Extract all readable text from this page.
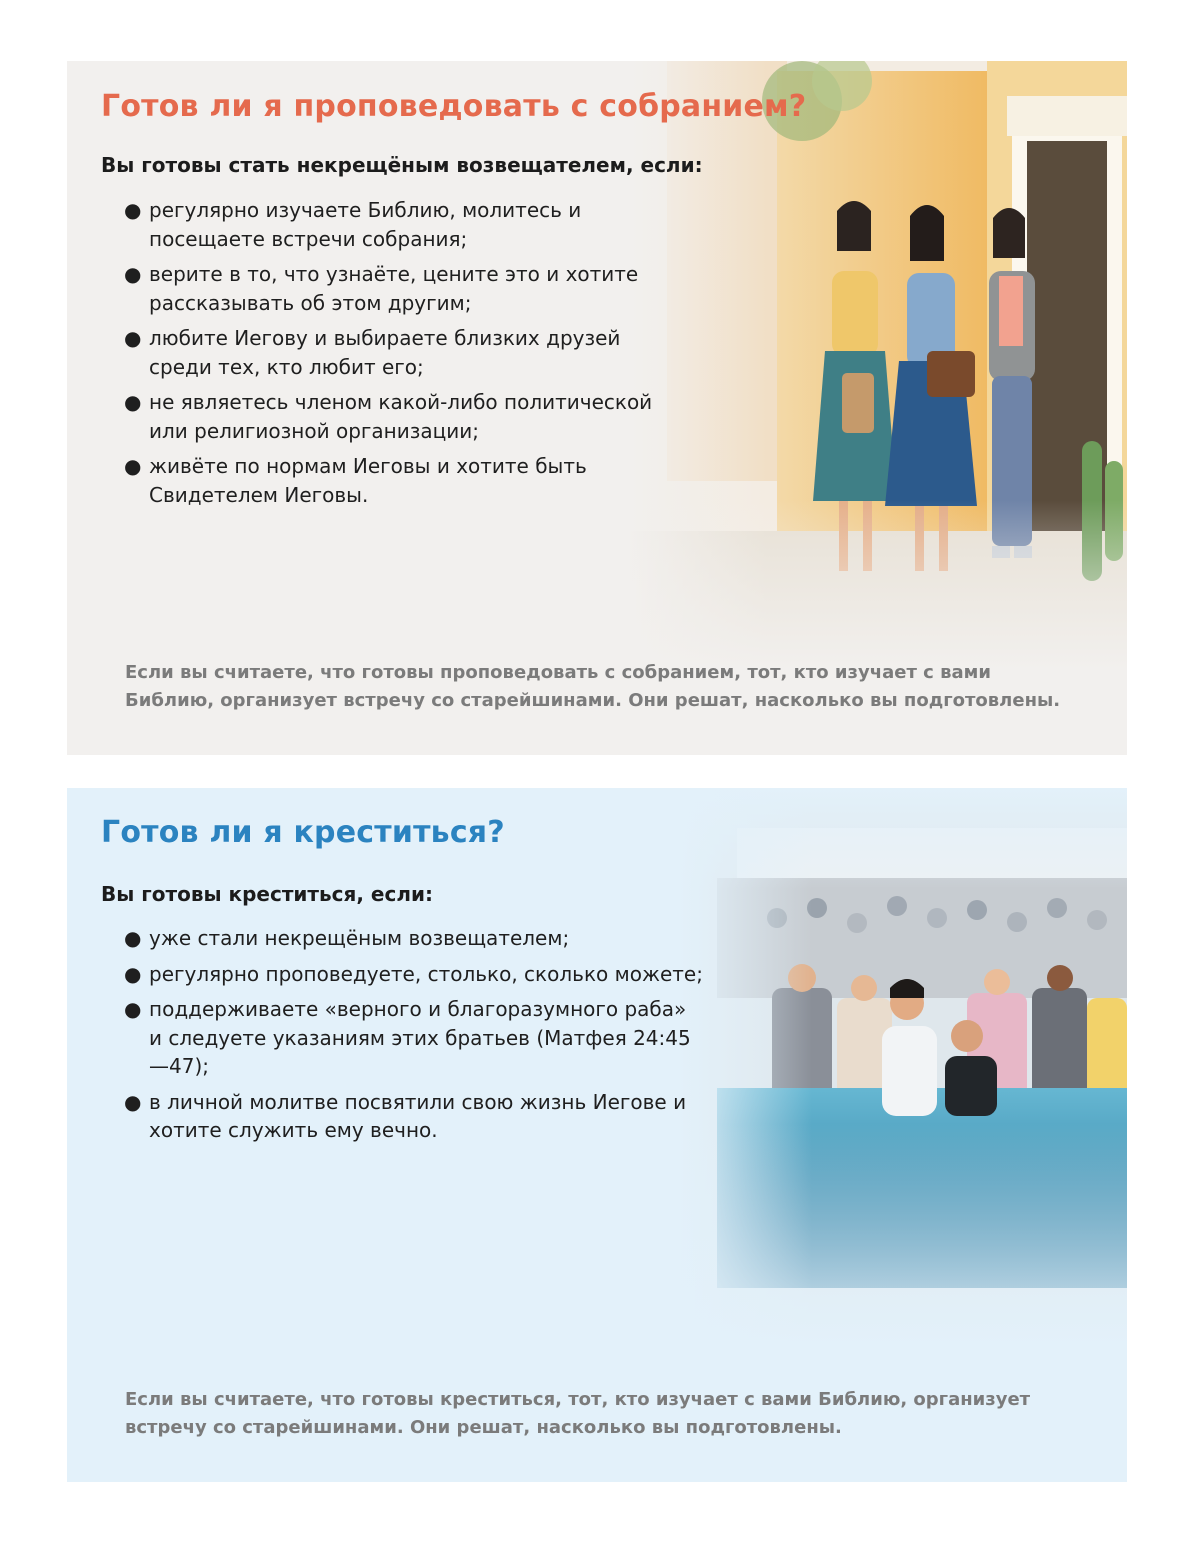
Готов ли я проповедовать с собранием?

Вы готовы стать некрещёным возвещателем, если:

● регулярно изучаете Библию, молитесь и посещаете встречи собрания;
● верите в то, что узнаёте, цените это и хотите рассказывать об этом другим;
● любите Иегову и выбираете близких друзей среди тех, кто любит его;
● не являетесь членом какой-либо политической или религиозной организации;
● живёте по нормам Иеговы и хотите быть Свидетелем Иеговы.

Если вы считаете, что готовы проповедовать с собранием, тот, кто изучает с вами Библию, организует встречу со старейшинами. Они решат, насколько вы подготовлены.

Готов ли я креститься?

Вы готовы креститься, если:

● уже стали некрещёным возвещателем;
● регулярно проповедуете, столько, сколько можете;
● поддерживаете «верного и благоразумного раба» и следуете указаниям этих братьев (Матфея 24:45—47);
● в личной молитве посвятили свою жизнь Иегове и хотите служить ему вечно.

Если вы считаете, что готовы креститься, тот, кто изучает с вами Библию, организует встречу со старейшинами. Они решат, насколько вы подготовлены.
